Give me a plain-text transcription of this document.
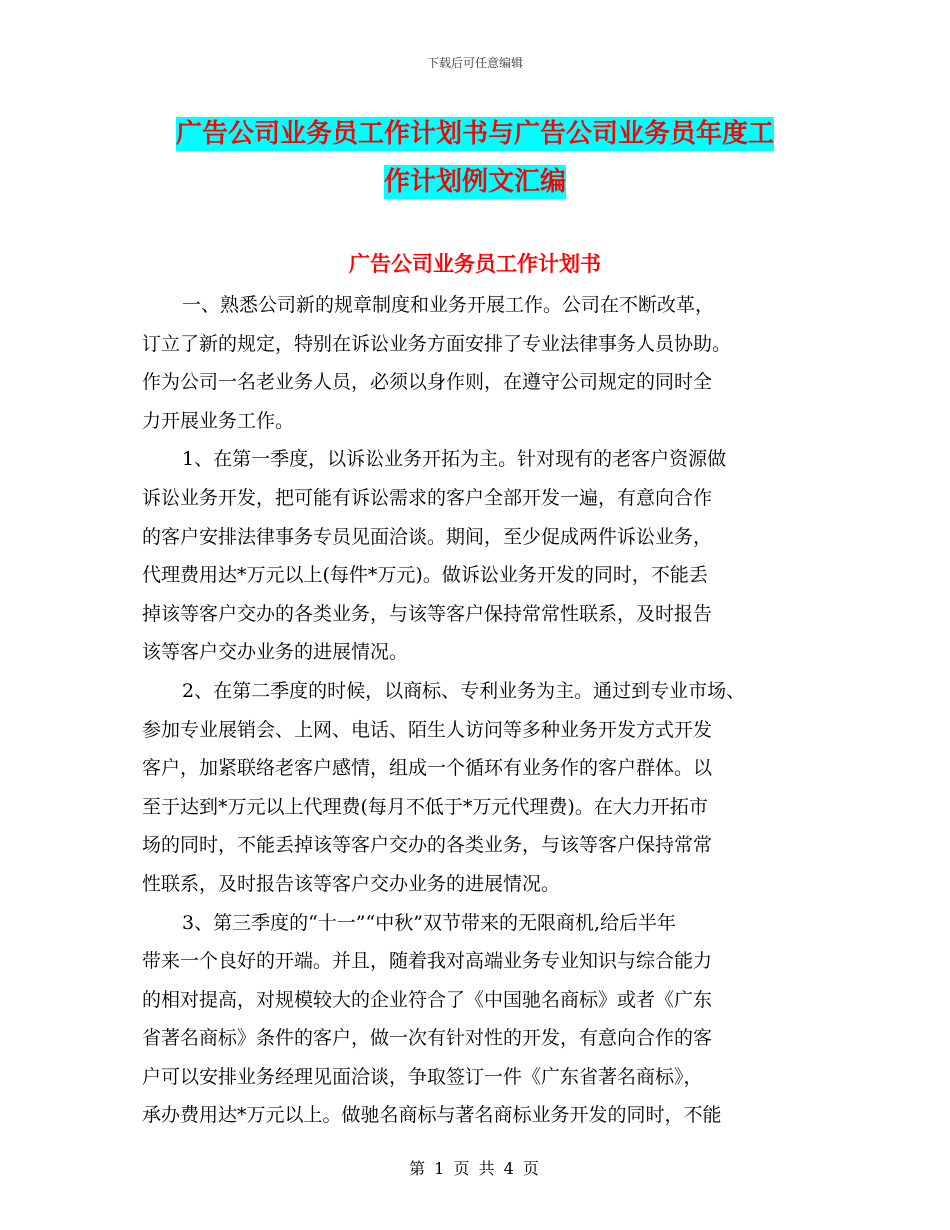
下载后可任意编辑
广告公司业务员工作计划书与广告公司业务员年度工
作计划例文汇编
广告公司业务员工作计划书
一、熟悉公司新的规章制度和业务开展工作。公司在不断改革，
订立了新的规定，特别在诉讼业务方面安排了专业法律事务人员协助。
作为公司一名老业务人员，必须以身作则，在遵守公司规定的同时全
力开展业务工作。
1、在第一季度，以诉讼业务开拓为主。针对现有的老客户资源做
诉讼业务开发，把可能有诉讼需求的客户全部开发一遍，有意向合作
的客户安排法律事务专员见面洽谈。期间，至少促成两件诉讼业务，
代理费用达*万元以上(每件*万元)。做诉讼业务开发的同时，不能丢
掉该等客户交办的各类业务，与该等客户保持常常性联系，及时报告
该等客户交办业务的进展情况。
2、在第二季度的时候，以商标、专利业务为主。通过到专业市场、
参加专业展销会、上网、电话、陌生人访问等多种业务开发方式开发
客户，加紧联络老客户感情，组成一个循环有业务作的客户群体。以
至于达到*万元以上代理费(每月不低于*万元代理费)。在大力开拓市
场的同时，不能丢掉该等客户交办的各类业务，与该等客户保持常常
性联系，及时报告该等客户交办业务的进展情况。
3、第三季度的“十一”“中秋”双节带来的无限商机,给后半年
带来一个良好的开端。并且，随着我对高端业务专业知识与综合能力
的相对提高，对规模较大的企业符合了《中国驰名商标》或者《广东
省著名商标》条件的客户，做一次有针对性的开发，有意向合作的客
户可以安排业务经理见面洽谈，争取签订一件《广东省著名商标》，
承办费用达*万元以上。做驰名商标与著名商标业务开发的同时，不能
第 1 页 共 4 页
